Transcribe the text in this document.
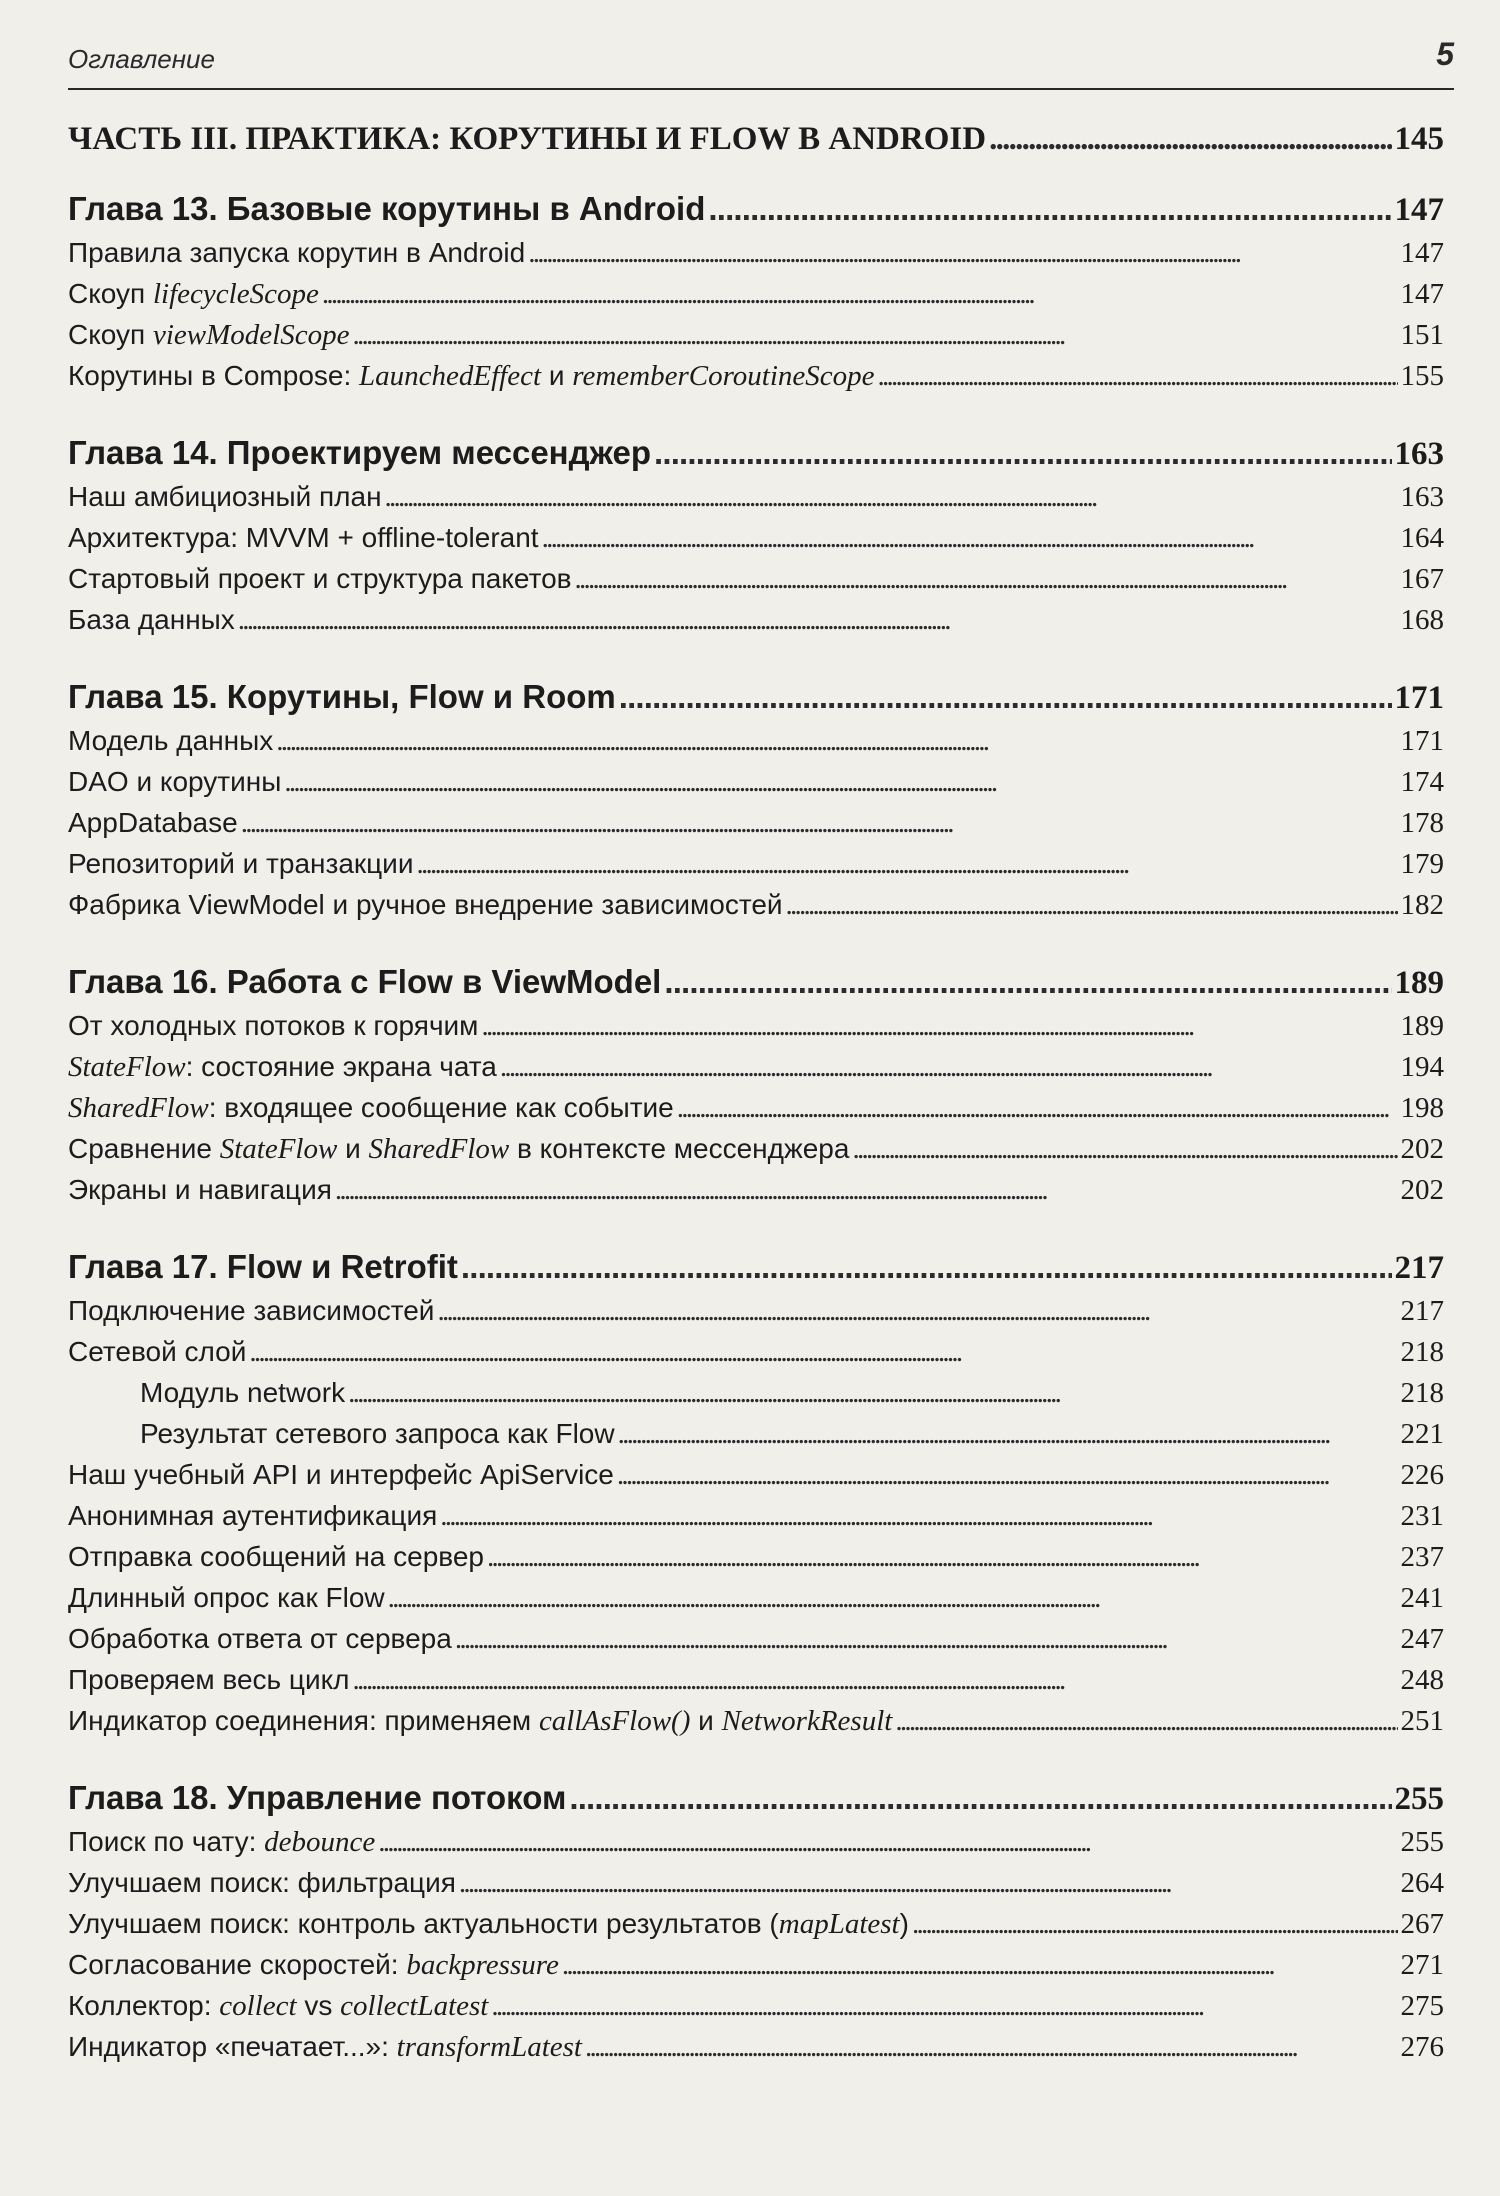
Оглавление	5
ЧАСТЬ III. ПРАКТИКА: КОРУТИНЫ И FLOW В ANDROID . . .	145
Глава 13. Базовые корутины в Android . . .	147
Правила запуска корутин в Android . . .	147
Скоуп lifecycleScope . . .	147
Скоуп viewModelScope . . .	151
Корутины в Compose: LaunchedEffect и rememberCoroutineScope . . .	155
Глава 14. Проектируем мессенджер . . .	163
Наш амбициозный план . . .	163
Архитектура: MVVM + offline-tolerant . . .	164
Стартовый проект и структура пакетов . . .	167
База данных . . .	168
Глава 15. Корутины, Flow и Room . . .	171
Модель данных . . .	171
DAO и корутины . . .	174
AppDatabase . . .	178
Репозиторий и транзакции . . .	179
Фабрика ViewModel и ручное внедрение зависимостей . . .	182
Глава 16. Работа с Flow в ViewModel . . .	189
От холодных потоков к горячим . . .	189
StateFlow: состояние экрана чата . . .	194
SharedFlow: входящее сообщение как событие . . .	198
Сравнение StateFlow и SharedFlow в контексте мессенджера . . .	202
Экраны и навигация . . .	202
Глава 17. Flow и Retrofit . . .	217
Подключение зависимостей . . .	217
Сетевой слой . . .	218
Модуль network . . .	218
Результат сетевого запроса как Flow . . .	221
Наш учебный API и интерфейс ApiService . . .	226
Анонимная аутентификация . . .	231
Отправка сообщений на сервер . . .	237
Длинный опрос как Flow . . .	241
Обработка ответа от сервера . . .	247
Проверяем весь цикл . . .	248
Индикатор соединения: применяем callAsFlow() и NetworkResult . . .	251
Глава 18. Управление потоком . . .	255
Поиск по чату: debounce . . .	255
Улучшаем поиск: фильтрация . . .	264
Улучшаем поиск: контроль актуальности результатов (mapLatest) . . .	267
Согласование скоростей: backpressure . . .	271
Коллектор: collect vs collectLatest . . .	275
Индикатор «печатает...»: transformLatest . . .	276
